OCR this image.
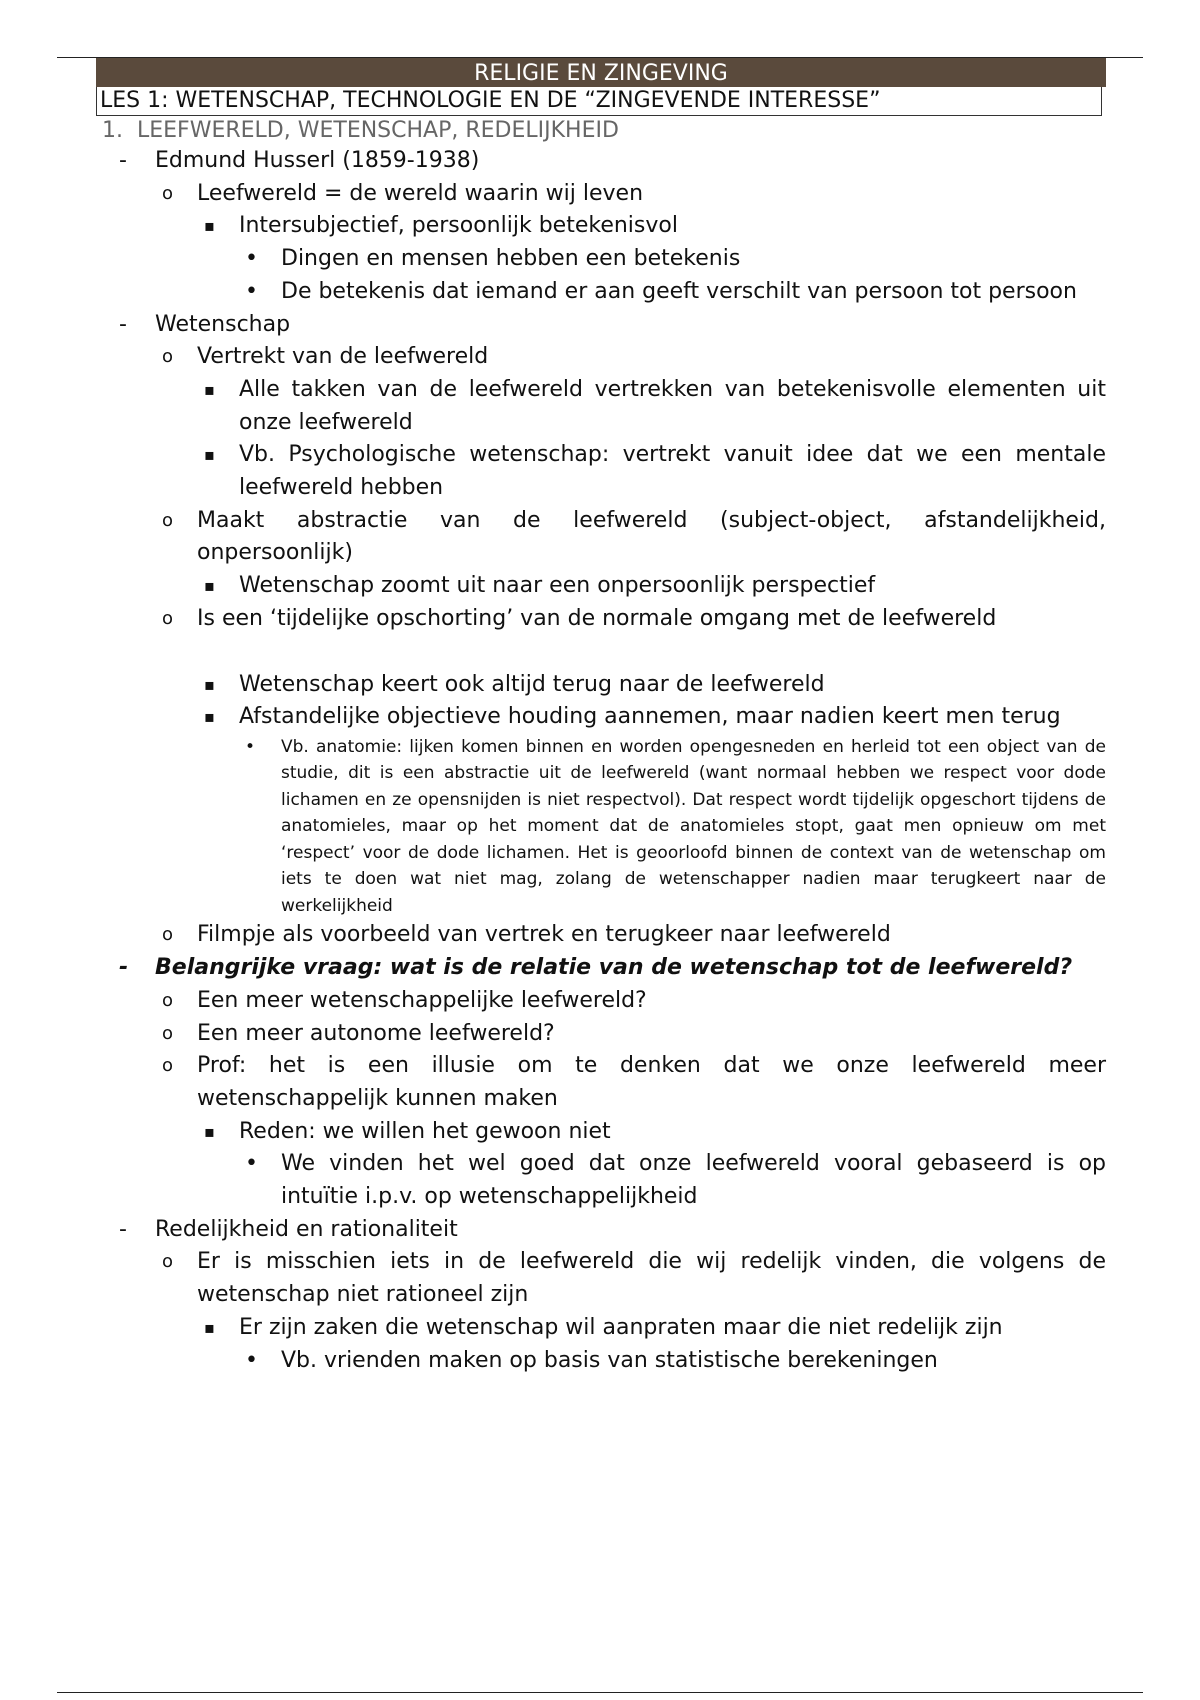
RELIGIE EN ZINGEVING
LES 1: WETENSCHAP, TECHNOLOGIE EN DE “ZINGEVENDE INTERESSE”
1. LEEFWERELD, WETENSCHAP, REDELIJKHEID
- Edmund Husserl (1859-1938)
o Leefwereld = de wereld waarin wij leven
▪ Intersubjectief, persoonlijk betekenisvol
• Dingen en mensen hebben een betekenis
• De betekenis dat iemand er aan geeft verschilt van persoon tot persoon
- Wetenschap
o Vertrekt van de leefwereld
▪ Alle takken van de leefwereld vertrekken van betekenisvolle elementen uit onze leefwereld
▪ Vb. Psychologische wetenschap: vertrekt vanuit idee dat we een mentale leefwereld hebben
o Maakt abstractie van de leefwereld (subject-object, afstandelijkheid, onpersoonlijk)
▪ Wetenschap zoomt uit naar een onpersoonlijk perspectief
o Is een ‘tijdelijke opschorting’ van de normale omgang met de leefwereld
▪ Wetenschap keert ook altijd terug naar de leefwereld
▪ Afstandelijke objectieve houding aannemen, maar nadien keert men terug
• Vb. anatomie: lijken komen binnen en worden opengesneden en herleid tot een object van de studie, dit is een abstractie uit de leefwereld (want normaal hebben we respect voor dode lichamen en ze opensnijden is niet respectvol). Dat respect wordt tijdelijk opgeschort tijdens de anatomieles, maar op het moment dat de anatomieles stopt, gaat men opnieuw om met ‘respect’ voor de dode lichamen. Het is geoorloofd binnen de context van de wetenschap om iets te doen wat niet mag, zolang de wetenschapper nadien maar terugkeert naar de werkelijkheid
o Filmpje als voorbeeld van vertrek en terugkeer naar leefwereld
- Belangrijke vraag: wat is de relatie van de wetenschap tot de leefwereld?
o Een meer wetenschappelijke leefwereld?
o Een meer autonome leefwereld?
o Prof: het is een illusie om te denken dat we onze leefwereld meer wetenschappelijk kunnen maken
▪ Reden: we willen het gewoon niet
• We vinden het wel goed dat onze leefwereld vooral gebaseerd is op intuïtie i.p.v. op wetenschappelijkheid
- Redelijkheid en rationaliteit
o Er is misschien iets in de leefwereld die wij redelijk vinden, die volgens de wetenschap niet rationeel zijn
▪ Er zijn zaken die wetenschap wil aanpraten maar die niet redelijk zijn
• Vb. vrienden maken op basis van statistische berekeningen
